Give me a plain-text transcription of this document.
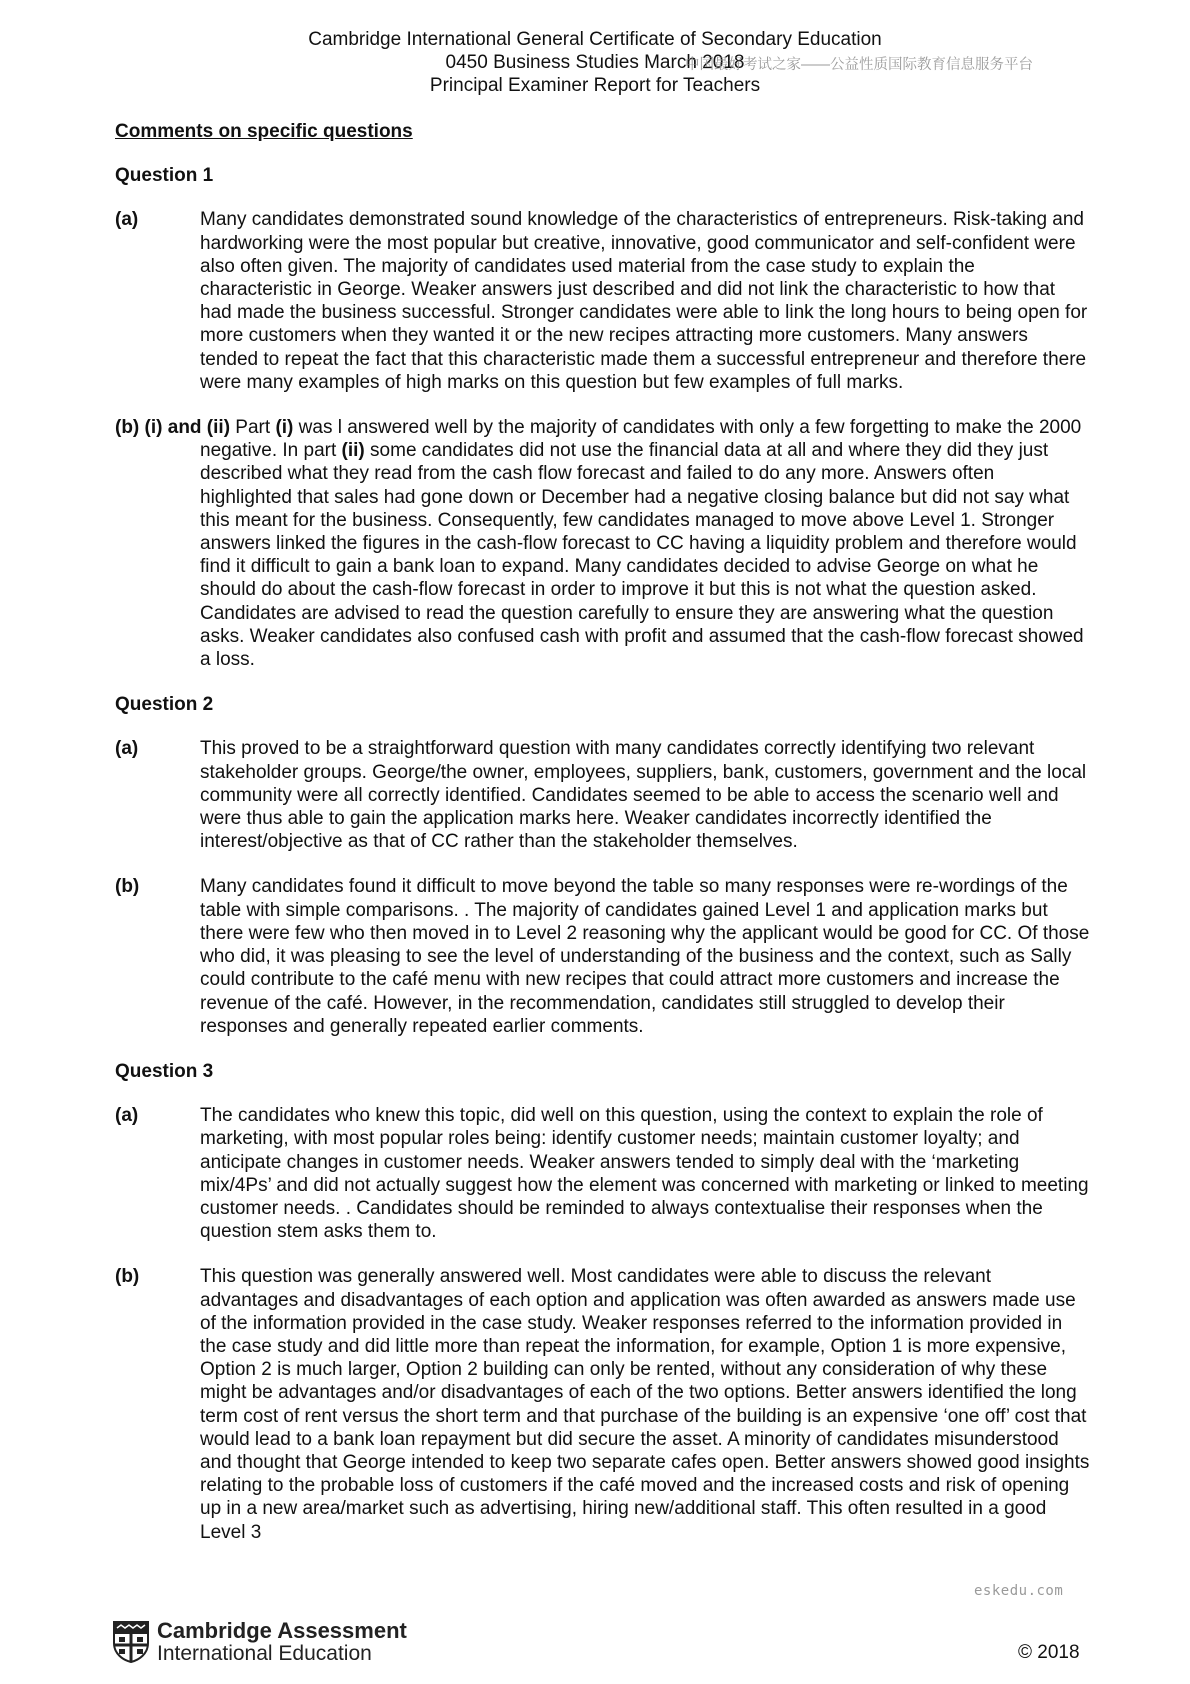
Cambridge International General Certificate of Secondary Education
0450 Business Studies March 2018
Principal Examiner Report for Teachers
中国最好考试之家——公益性质国际教育信息服务平台
Comments on specific questions
Question 1
(a)	Many candidates demonstrated sound knowledge of the characteristics of entrepreneurs. Risk-taking and hardworking were the most popular but creative, innovative, good communicator and self-confident were also often given. The majority of candidates used material from the case study to explain the characteristic in George. Weaker answers just described and did not link the characteristic to how that had made the business successful. Stronger candidates were able to link the long hours to being open for more customers when they wanted it or the new recipes attracting more customers. Many answers tended to repeat the fact that this characteristic made them a successful entrepreneur and therefore there were many examples of high marks on this question but few examples of full marks.
(b) (i) and (ii) Part (i) was l answered well by the majority of candidates with only a few forgetting to make the 2000 negative. In part (ii) some candidates did not use the financial data at all and where they did they just described what they read from the cash flow forecast and failed to do any more. Answers often highlighted that sales had gone down or December had a negative closing balance but did not say what this meant for the business. Consequently, few candidates managed to move above Level 1. Stronger answers linked the figures in the cash-flow forecast to CC having a liquidity problem and therefore would find it difficult to gain a bank loan to expand. Many candidates decided to advise George on what he should do about the cash-flow forecast in order to improve it but this is not what the question asked. Candidates are advised to read the question carefully to ensure they are answering what the question asks. Weaker candidates also confused cash with profit and assumed that the cash-flow forecast showed a loss.
Question 2
(a)	This proved to be a straightforward question with many candidates correctly identifying two relevant stakeholder groups. George/the owner, employees, suppliers, bank, customers, government and the local community were all correctly identified. Candidates seemed to be able to access the scenario well and were thus able to gain the application marks here. Weaker candidates incorrectly identified the interest/objective as that of CC rather than the stakeholder themselves.
(b)	Many candidates found it difficult to move beyond the table so many responses were re-wordings of the table with simple comparisons. . The majority of candidates gained Level 1 and application marks but there were few who then moved in to Level 2 reasoning why the applicant would be good for CC. Of those who did, it was pleasing to see the level of understanding of the business and the context, such as Sally could contribute to the café menu with new recipes that could attract more customers and increase the revenue of the café. However, in the recommendation, candidates still struggled to develop their responses and generally repeated earlier comments.
Question 3
(a)	The candidates who knew this topic, did well on this question, using the context to explain the role of marketing, with most popular roles being: identify customer needs; maintain customer loyalty; and anticipate changes in customer needs. Weaker answers tended to simply deal with the ‘marketing mix/4Ps’ and did not actually suggest how the element was concerned with marketing or linked to meeting customer needs. . Candidates should be reminded to always contextualise their responses when the question stem asks them to.
(b)	This question was generally answered well. Most candidates were able to discuss the relevant advantages and disadvantages of each option and application was often awarded as answers made use of the information provided in the case study. Weaker responses referred to the information provided in the case study and did little more than repeat the information, for example, Option 1 is more expensive, Option 2 is much larger, Option 2 building can only be rented, without any consideration of why these might be advantages and/or disadvantages of each of the two options. Better answers identified the long term cost of rent versus the short term and that purchase of the building is an expensive ‘one off’ cost that would lead to a bank loan repayment but did secure the asset. A minority of candidates misunderstood and thought that George intended to keep two separate cafes open. Better answers showed good insights relating to the probable loss of customers if the café moved and the increased costs and risk of opening up in a new area/market such as advertising, hiring new/additional staff. This often resulted in a good Level 3
eskedu.com
Cambridge Assessment
International Education	© 2018
